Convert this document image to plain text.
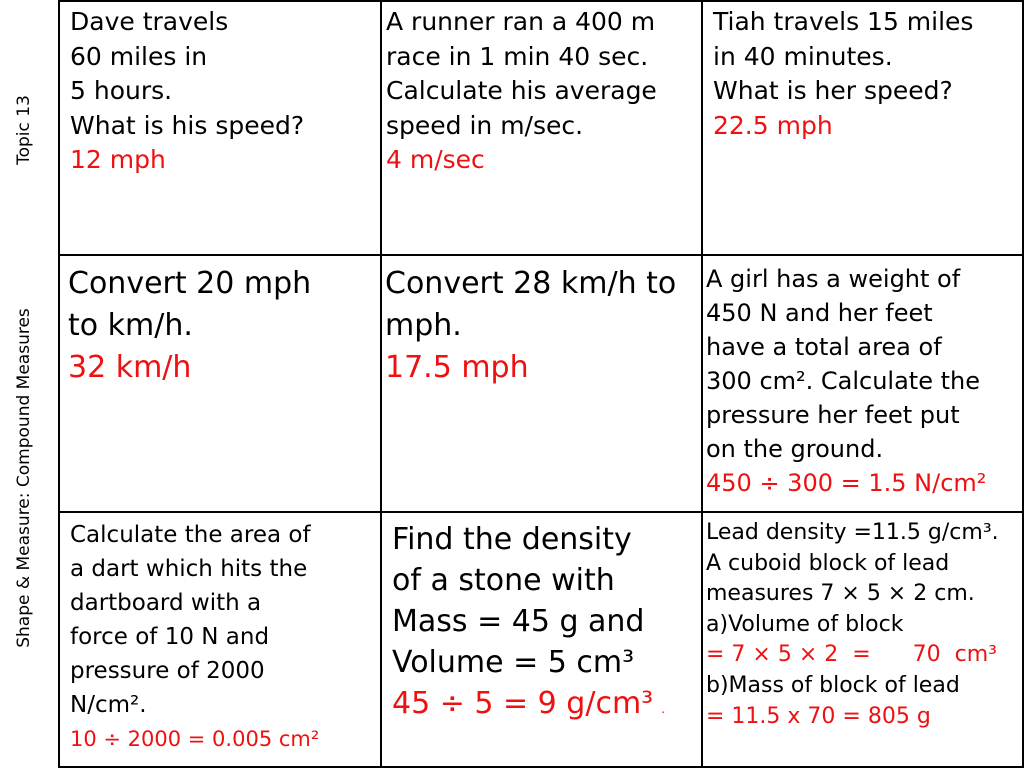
Topic 13
Shape & Measure: Compound Measures
Dave travels
60 miles in
5 hours.
What is his speed?
12 mph
A runner ran a 400 m
race in 1 min 40 sec.
Calculate his average
speed in m/sec.
4 m/sec
Tiah travels 15 miles
in 40 minutes.
What is her speed?
22.5 mph
Convert 20 mph
to km/h.
32 km/h
Convert 28 km/h to
mph.
17.5 mph
A girl has a weight of
450 N and her feet
have a total area of
300 cm². Calculate the
pressure her feet put
on the ground.
450 ÷ 300 = 1.5 N/cm²
Calculate the area of
a dart which hits the
dartboard with a
force of 10 N and
pressure of 2000
N/cm².
10 ÷ 2000 = 0.005 cm²
Find the density
of a stone with
Mass = 45 g and
Volume = 5 cm³
45 ÷ 5 = 9 g/cm³ .
Lead density =11.5 g/cm³.
A cuboid block of lead
measures 7 × 5 × 2 cm.
a)Volume of block
= 7 × 5 × 2  =      70  cm³
b)Mass of block of lead
= 11.5 x 70 = 805 g
